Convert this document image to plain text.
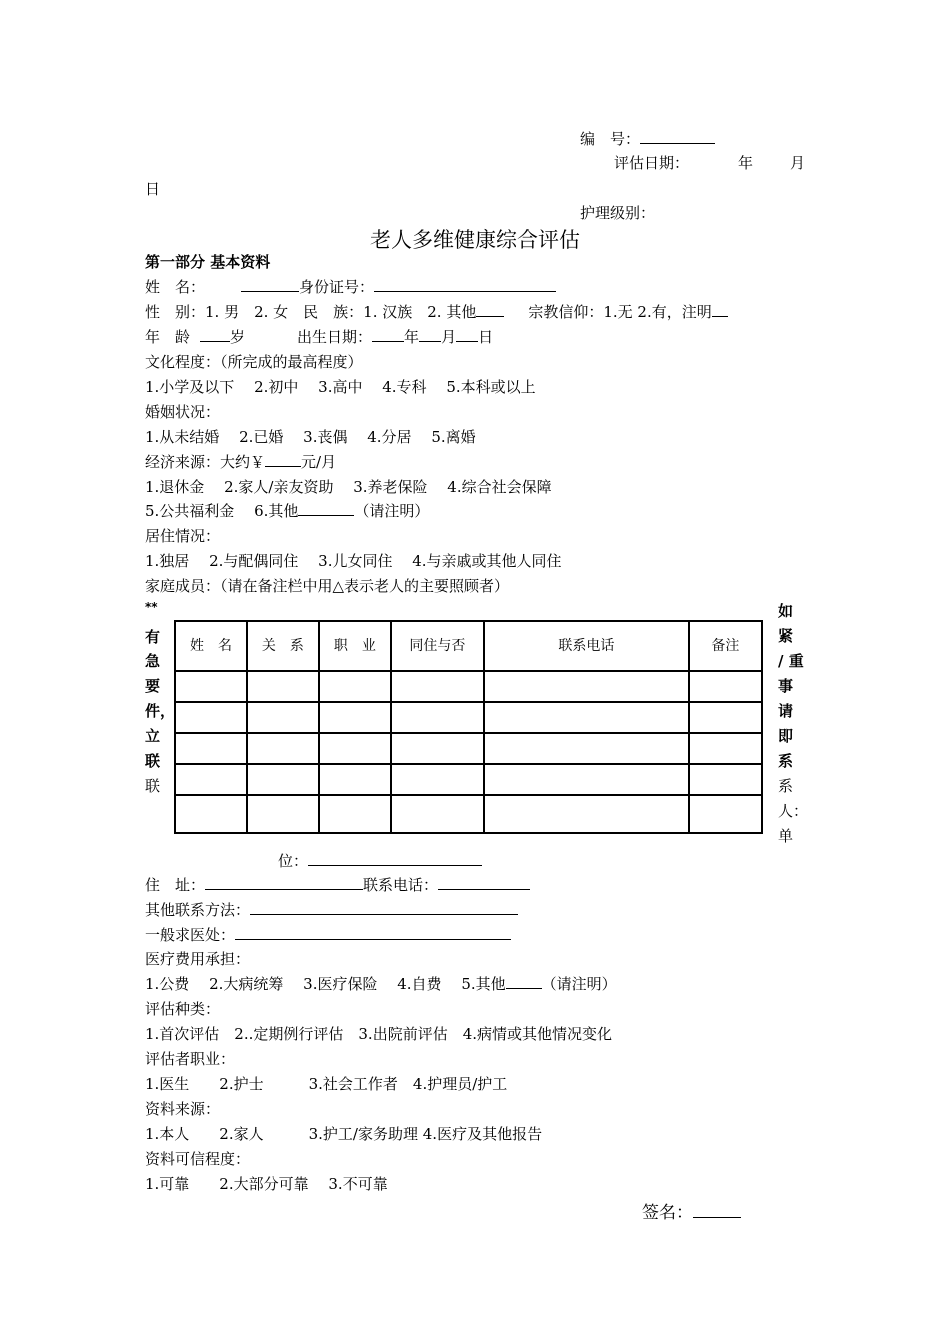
编　号：
评估日期：	年 月
日
护理级别：
老人多维健康综合评估
第一部分 基本资料
姓　名：	身份证号：
性　别：1. 男　2. 女　民　族：1. 汉族　2. 其他	宗教信仰：1.无 2.有，注明
年　龄	岁	出生日期： 年 月 日
文化程度：（所完成的最高程度）
1.小学及以下　 2.初中　 3.高中　 4.专科　 5.本科或以上
婚姻状况：
1.从未结婚　 2.已婚　 3.丧偶　 4.分居　 5.离婚
经济来源：大约￥ 元/月
1.退休金　 2.家人/亲友资助　 3.养老保险　 4.综合社会保障
5.公共福利金　 6.其他	（请注明）
居住情况：
1.独居　 2.与配偶同住　 3.儿女同住　 4.与亲戚或其他人同住
家庭成员：（请在备注栏中用△表示老人的主要照顾者）
**
有
急
要
件，
立
联
联
姓　名	关　系	职　业	同住与否	联系电话	备注

如
紧
/ 重
事
请
即
系
系
人：
单
位：
住　址：	联系电话：
其他联系方法：
一般求医处：
医疗费用承担：
1.公费　 2.大病统筹　 3.医疗保险　 4.自费　 5.其他 （请注明）
评估种类：
1.首次评估　2..定期例行评估　3.出院前评估　4.病情或其他情况变化
评估者职业：
1.医生　　2.护士　　　3.社会工作者　4.护理员/护工
资料来源：
1.本人　　2.家人　　　3.护工/家务助理 4.医疗及其他报告
资料可信程度：
1.可靠　　2.大部分可靠　 3.不可靠
签名：
